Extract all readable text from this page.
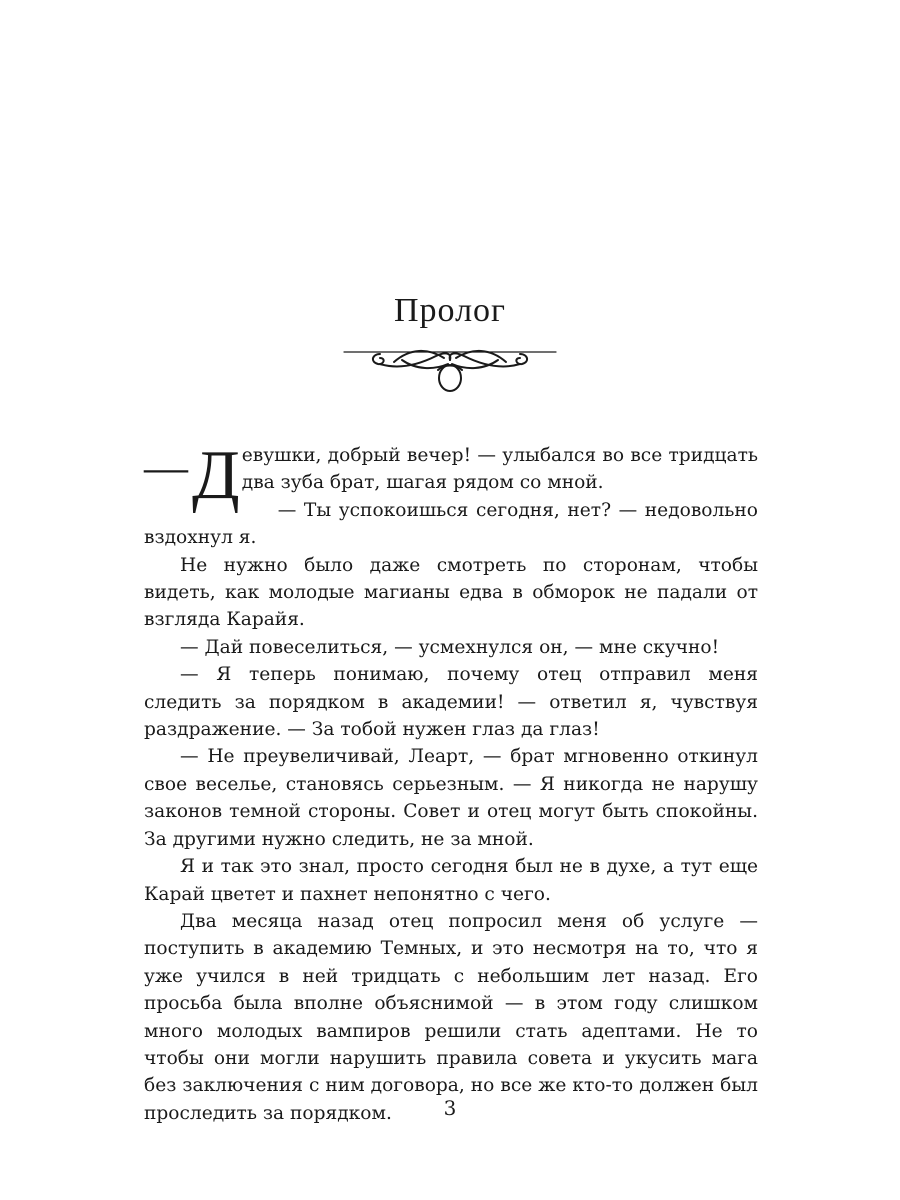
Пролог

— Д евушки, добрый вечер! — улыбался во все тридцать два зуба брат, шагая рядом со мной.

— Ты успокоишься сегодня, нет? — недовольно вздохнул я.

Не нужно было даже смотреть по сторонам, чтобы видеть, как молодые магианы едва в обморок не падали от взгляда Карайя.

— Дай повеселиться, — усмехнулся он, — мне скучно!

— Я теперь понимаю, почему отец отправил меня следить за порядком в академии! — ответил я, чувствуя раздражение. — За тобой нужен глаз да глаз!

— Не преувеличивай, Леарт, — брат мгновенно откинул свое веселье, становясь серьезным. — Я никогда не нарушу законов темной стороны. Совет и отец могут быть спокойны. За другими нужно следить, не за мной.

Я и так это знал, просто сегодня был не в духе, а тут еще Карай цветет и пахнет непонятно с чего.

Два месяца назад отец попросил меня об услуге — поступить в академию Темных, и это несмотря на то, что я уже учился в ней тридцать с небольшим лет назад. Его просьба была вполне объяснимой — в этом году слишком много молодых вампиров решили стать адептами. Не то чтобы они могли нарушить правила совета и укусить мага без заключения с ним договора, но все же кто-то должен был проследить за порядком.	3
